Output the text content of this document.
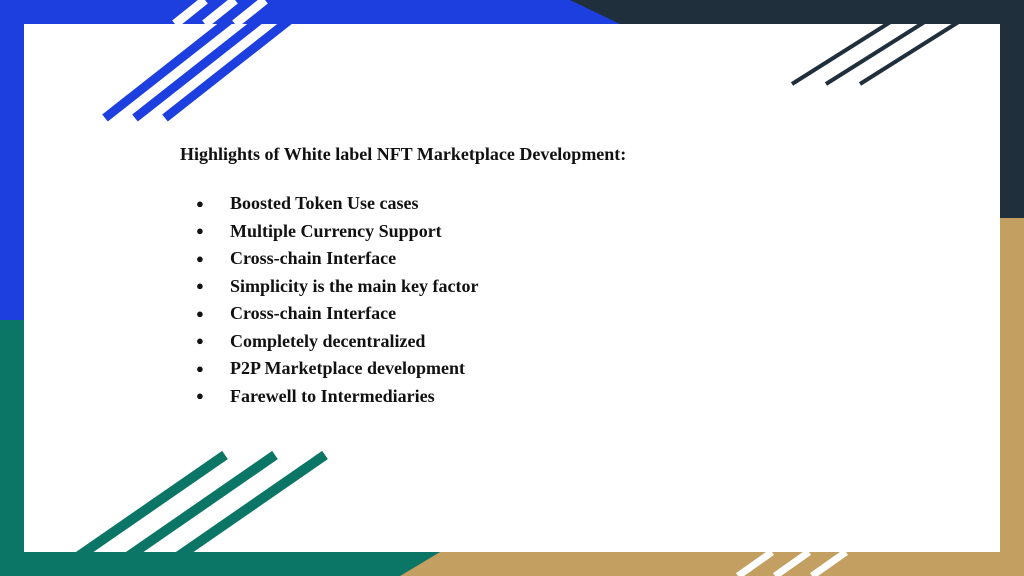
Highlights of White label NFT Marketplace Development:
●	Boosted Token Use cases
●	Multiple Currency Support
●	Cross-chain Interface
●	Simplicity is the main key factor
●	Cross-chain Interface
●	Completely decentralized
●	P2P Marketplace development
●	Farewell to Intermediaries
